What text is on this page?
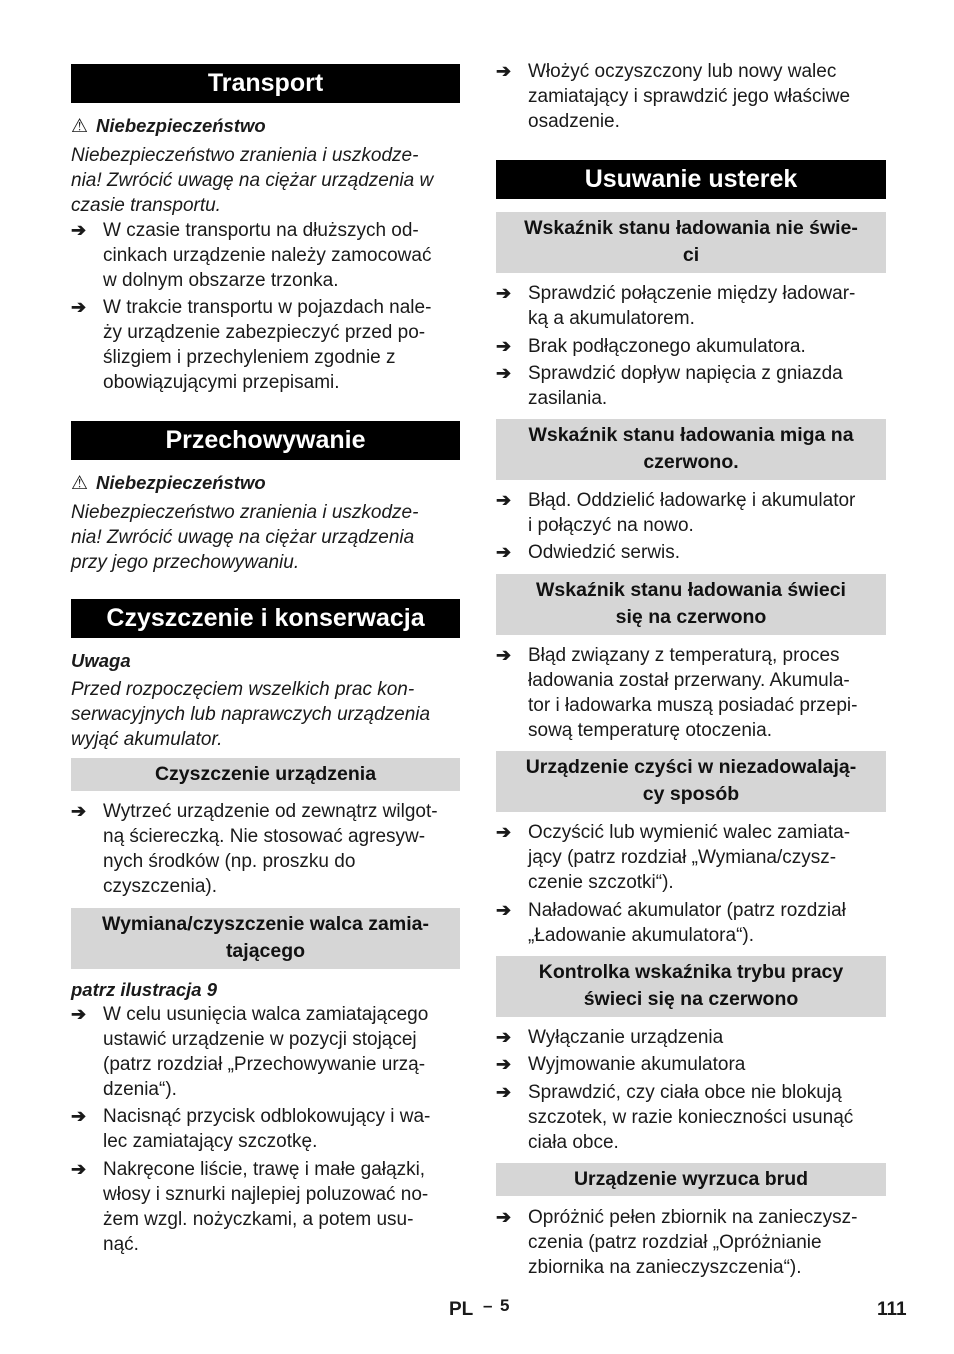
Transport
⚠ Niebezpieczeństwo
Niebezpieczeństwo zranienia i uszkodze-
nia! Zwrócić uwagę na ciężar urządzenia w
czasie transportu.
➔ W czasie transportu na dłuższych od-
cinkach urządzenie należy zamocować
w dolnym obszarze trzonka.
➔ W trakcie transportu w pojazdach nale-
ży urządzenie zabezpieczyć przed po-
ślizgiem i przechyleniem zgodnie z
obowiązującymi przepisami.
Przechowywanie
⚠ Niebezpieczeństwo
Niebezpieczeństwo zranienia i uszkodze-
nia! Zwrócić uwagę na ciężar urządzenia
przy jego przechowywaniu.
Czyszczenie i konserwacja
Uwaga
Przed rozpoczęciem wszelkich prac kon-
serwacyjnych lub naprawczych urządzenia
wyjąć akumulator.
Czyszczenie urządzenia
➔ Wytrzeć urządzenie od zewnątrz wilgot-
ną ściereczką. Nie stosować agresyw-
nych środków (np. proszku do
czyszczenia).
Wymiana/czyszczenie walca zamia-
tającego
patrz ilustracja 9
➔ W celu usunięcia walca zamiatającego
ustawić urządzenie w pozycji stojącej
(patrz rozdział „Przechowywanie urzą-
dzenia“).
➔ Nacisnąć przycisk odblokowujący i wa-
lec zamiatający szczotkę.
➔ Nakręcone liście, trawę i małe gałązki,
włosy i sznurki najlepiej poluzować no-
żem wzgl. nożyczkami, a potem usu-
nąć.
➔ Włożyć oczyszczony lub nowy walec
zamiatający i sprawdzić jego właściwe
osadzenie.
Usuwanie usterek
Wskaźnik stanu ładowania nie świe-
ci
➔ Sprawdzić połączenie między ładowar-
ką a akumulatorem.
➔ Brak podłączonego akumulatora.
➔ Sprawdzić dopływ napięcia z gniazda
zasilania.
Wskaźnik stanu ładowania miga na
czerwono.
➔ Błąd. Oddzielić ładowarkę i akumulator
i połączyć na nowo.
➔ Odwiedzić serwis.
Wskaźnik stanu ładowania świeci
się na czerwono
➔ Błąd związany z temperaturą, proces
ładowania został przerwany. Akumula-
tor i ładowarka muszą posiadać przepi-
sową temperaturę otoczenia.
Urządzenie czyści w niezadowalają-
cy sposób
➔ Oczyścić lub wymienić walec zamiata-
jący (patrz rozdział „Wymiana/czysz-
czenie szczotki“).
➔ Naładować akumulator (patrz rozdział
„Ładowanie akumulatora“).
Kontrolka wskaźnika trybu pracy
świeci się na czerwono
➔ Wyłączanie urządzenia
➔ Wyjmowanie akumulatora
➔ Sprawdzić, czy ciała obce nie blokują
szczotek, w razie konieczności usunąć
ciała obce.
Urządzenie wyrzuca brud
➔ Opróżnić pełen zbiornik na zanieczysz-
czenia (patrz rozdział „Opróżnianie
zbiornika na zanieczyszczenia“).
PL – 5	111
